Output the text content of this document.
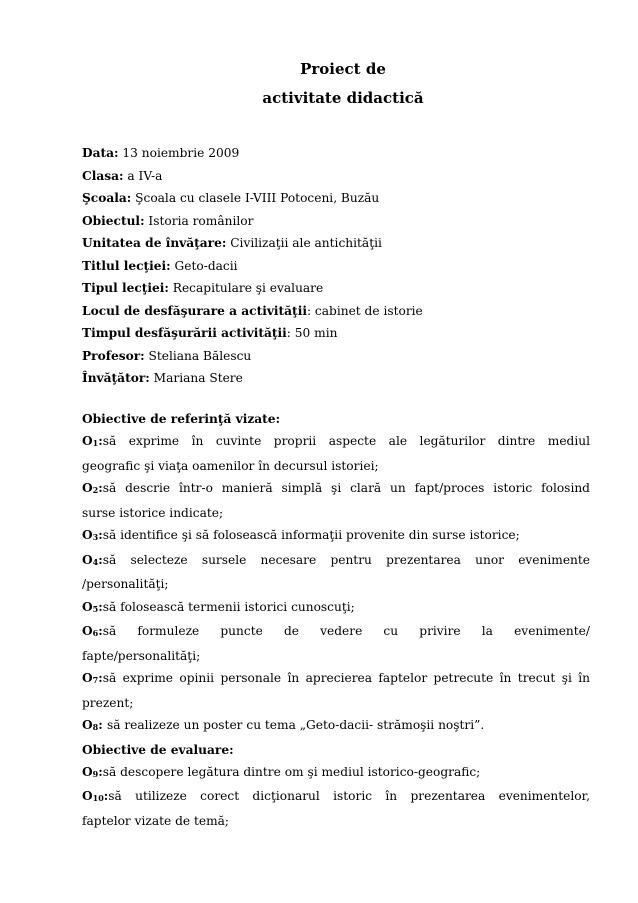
Proiect de
activitate didactică
Data: 13 noiembrie 2009
Clasa: a IV-a
Şcoala: Şcoala cu clasele I-VIII Potoceni, Buzău
Obiectul: Istoria românilor
Unitatea de învăţare: Civilizaţii ale antichităţii
Titlul lecţiei: Geto-dacii
Tipul lecţiei: Recapitulare şi evaluare
Locul de desfăşurare a activităţii: cabinet de istorie
Timpul desfăşurării activităţii: 50 min
Profesor: Steliana Bălescu
Învăţător: Mariana Stere
Obiective de referinţă vizate:
$O_1:să$ exprime în cuvinte proprii aspecte ale legăturilor dintre mediul
geografic şi viaţa oamenilor în decursul istoriei;
$O_2:să$ descrie într-o manieră simplă şi clară un fapt/proces istoric folosind
surse istorice indicate;
$O_3:să$ identifice şi să folosească informaţii provenite din surse istorice;
$O_4:să$ selecteze sursele necesare pentru prezentarea unor evenimente
/personalităţi;
$O_5:să$ folosească termenii istorici cunoscuţi;
$O_6:să$ formuleze puncte de vedere cu privire la evenimente/
fapte/personalităţi;
$O_7:să$ exprime opinii personale în aprecierea faptelor petrecute în trecut şi în
prezent;
$O_8$: să realizeze un poster cu tema „Geto-dacii- strămoşii noştri”.
Obiective de evaluare:
$O_9:să$ descopere legătura dintre om şi mediul istorico-geografic;
$O_{10}:să$ utilizeze corect dicţionarul istoric în prezentarea evenimentelor,
faptelor vizate de temă;
